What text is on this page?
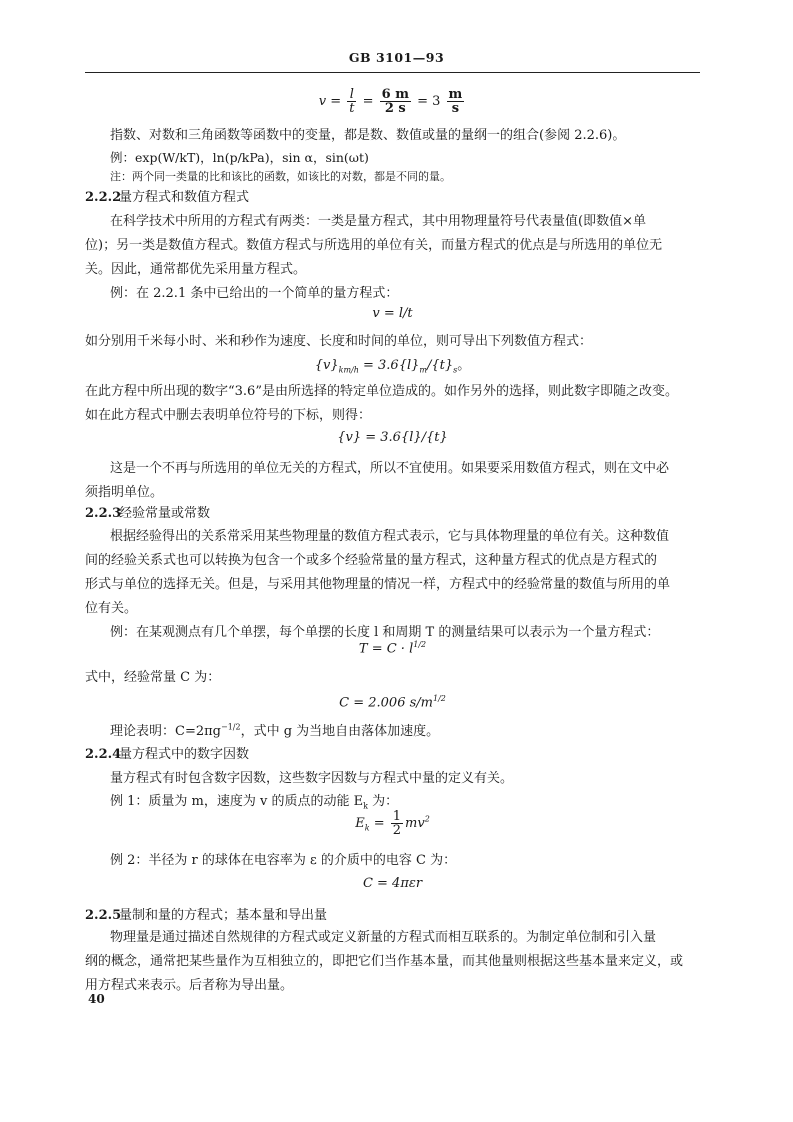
GB 3101—93
$v = \frac{l}{t} = \frac{6 m}{2 s} = 3 \frac{m}{s}$
指数、对数和三角函数等函数中的变量，都是数、数值或量的量纲一的组合(参阅 2.2.6)。
例：exp(W/kT)，ln(p/kPa)，sin α，sin(ωt)
注：两个同一类量的比和该比的函数，如该比的对数，都是不同的量。
2.2.2量方程式和数值方程式
在科学技术中所用的方程式有两类：一类是量方程式，其中用物理量符号代表量值(即数值×单
位)；另一类是数值方程式。数值方程式与所选用的单位有关，而量方程式的优点是与所选用的单位无
关。因此，通常都优先采用量方程式。
例：在 2.2.1 条中已给出的一个简单的量方程式：
v = l/t
如分别用千米每小时、米和秒作为速度、长度和时间的单位，则可导出下列数值方程式：
$\{v\}_{km/h} = 3.6\{l\}_m/\{t\}_s$。
在此方程中所出现的数字“3.6”是由所选择的特定单位造成的。如作另外的选择，则此数字即随之改变。
如在此方程式中删去表明单位符号的下标，则得：
{v} = 3.6{l}/{t}
这是一个不再与所选用的单位无关的方程式，所以不宜使用。如果要采用数值方程式，则在文中必
须指明单位。
2.2.3经验常量或常数
根据经验得出的关系常采用某些物理量的数值方程式表示，它与具体物理量的单位有关。这种数值
间的经验关系式也可以转换为包含一个或多个经验常量的量方程式，这种量方程式的优点是方程式的
形式与单位的选择无关。但是，与采用其他物理量的情况一样，方程式中的经验常量的数值与所用的单
位有关。
例：在某观测点有几个单摆，每个单摆的长度 l 和周期 T 的测量结果可以表示为一个量方程式：
$T = C \cdot l^{1/2}$
式中，经验常量 C 为：
C = 2.006 $s/m^{1/2}$
理论表明：$C=2\pi g^{-1/2}$，式中 g 为当地自由落体加速度。
2.2.4量方程式中的数字因数
量方程式有时包含数字因数，这些数字因数与方程式中量的定义有关。
例 1：质量为 m，速度为 v 的质点的动能 $E_k$ 为：
$E_k = \frac{1}{2} mv^2$
例 2：半径为 r 的球体在电容率为 ε 的介质中的电容 C 为：
C = 4πεr
2.2.5量制和量的方程式；基本量和导出量
物理量是通过描述自然规律的方程式或定义新量的方程式而相互联系的。为制定单位制和引入量
纲的概念，通常把某些量作为互相独立的，即把它们当作基本量，而其他量则根据这些基本量来定义，或
用方程式来表示。后者称为导出量。
40
